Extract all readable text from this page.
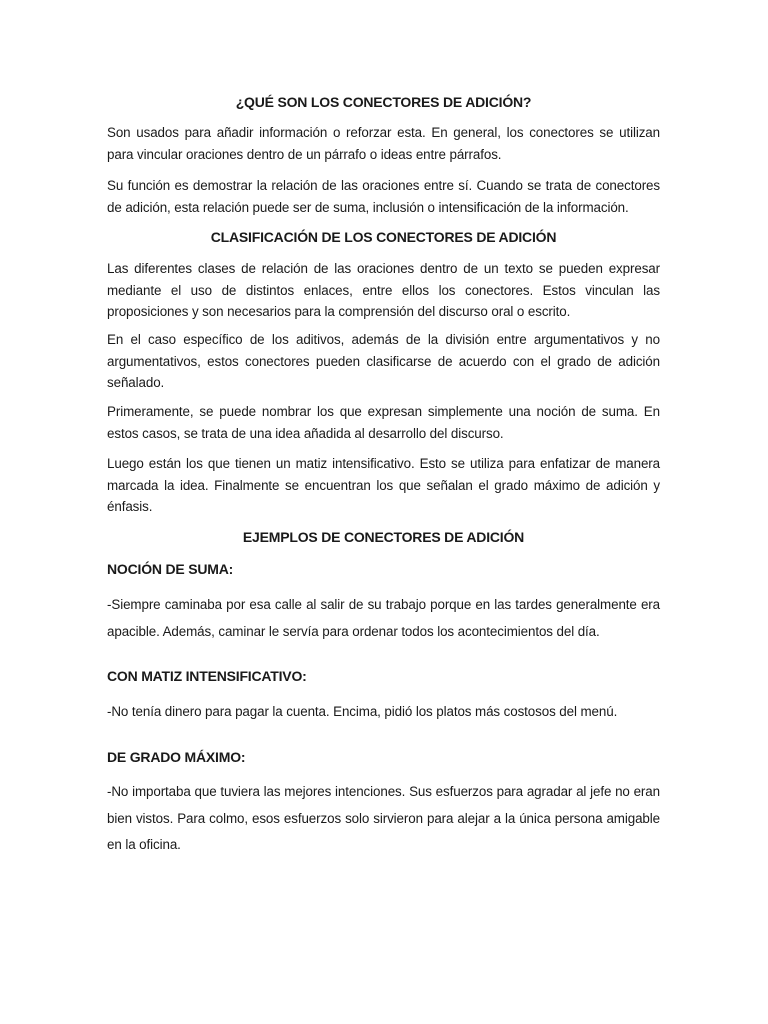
¿QUÉ SON LOS CONECTORES DE ADICIÓN?

Son usados para añadir información o reforzar esta. En general, los conectores se utilizan para vincular oraciones dentro de un párrafo o ideas entre párrafos.

Su función es demostrar la relación de las oraciones entre sí. Cuando se trata de conectores de adición, esta relación puede ser de suma, inclusión o intensificación de la información.

CLASIFICACIÓN DE LOS CONECTORES DE ADICIÓN

Las diferentes clases de relación de las oraciones dentro de un texto se pueden expresar mediante el uso de distintos enlaces, entre ellos los conectores. Estos vinculan las proposiciones y son necesarios para la comprensión del discurso oral o escrito.

En el caso específico de los aditivos, además de la división entre argumentativos y no argumentativos, estos conectores pueden clasificarse de acuerdo con el grado de adición señalado.

Primeramente, se puede nombrar los que expresan simplemente una noción de suma. En estos casos, se trata de una idea añadida al desarrollo del discurso.

Luego están los que tienen un matiz intensificativo. Esto se utiliza para enfatizar de manera marcada la idea. Finalmente se encuentran los que señalan el grado máximo de adición y énfasis.

EJEMPLOS DE CONECTORES DE ADICIÓN
NOCIÓN DE SUMA:

-Siempre caminaba por esa calle al salir de su trabajo porque en las tardes generalmente era apacible. Además, caminar le servía para ordenar todos los acontecimientos del día.

CON MATIZ INTENSIFICATIVO:

-No tenía dinero para pagar la cuenta. Encima, pidió los platos más costosos del menú.

DE GRADO MÁXIMO:

-No importaba que tuviera las mejores intenciones. Sus esfuerzos para agradar al jefe no eran bien vistos. Para colmo, esos esfuerzos solo sirvieron para alejar a la única persona amigable en la oficina.
